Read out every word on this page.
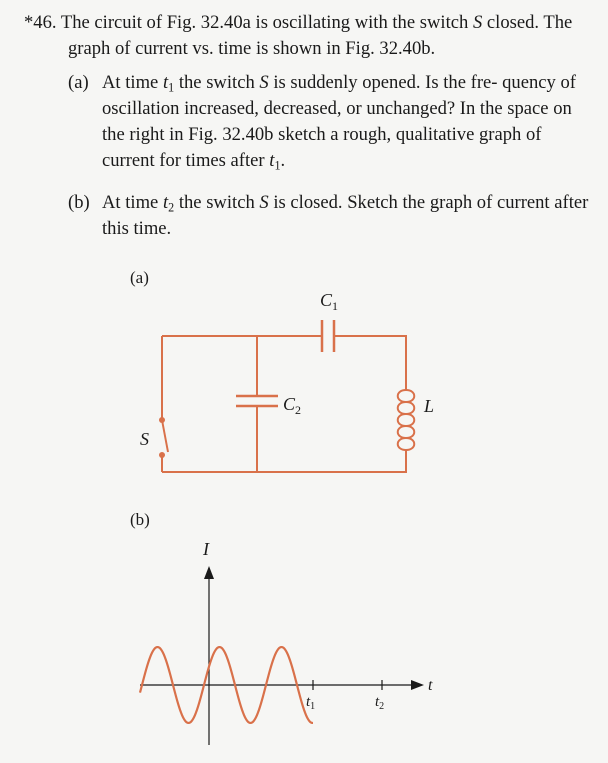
*46. The circuit of Fig. 32.40a is oscillating with the switch S closed. The graph of current vs. time is shown in Fig. 32.40b.

(a) At time $t_1$ the switch S is suddenly opened. Is the fre- quency of oscillation increased, decreased, or unchanged? In the space on the right in Fig. 32.40b sketch a rough, qualitative graph of current for times after $t_1$.

(b) At time $t_2$ the switch S is closed. Sketch the graph of current after this time.

(a)
(b)
$C_1$
$C_2$	L
S
I
t
$t_1$	$t_2$
